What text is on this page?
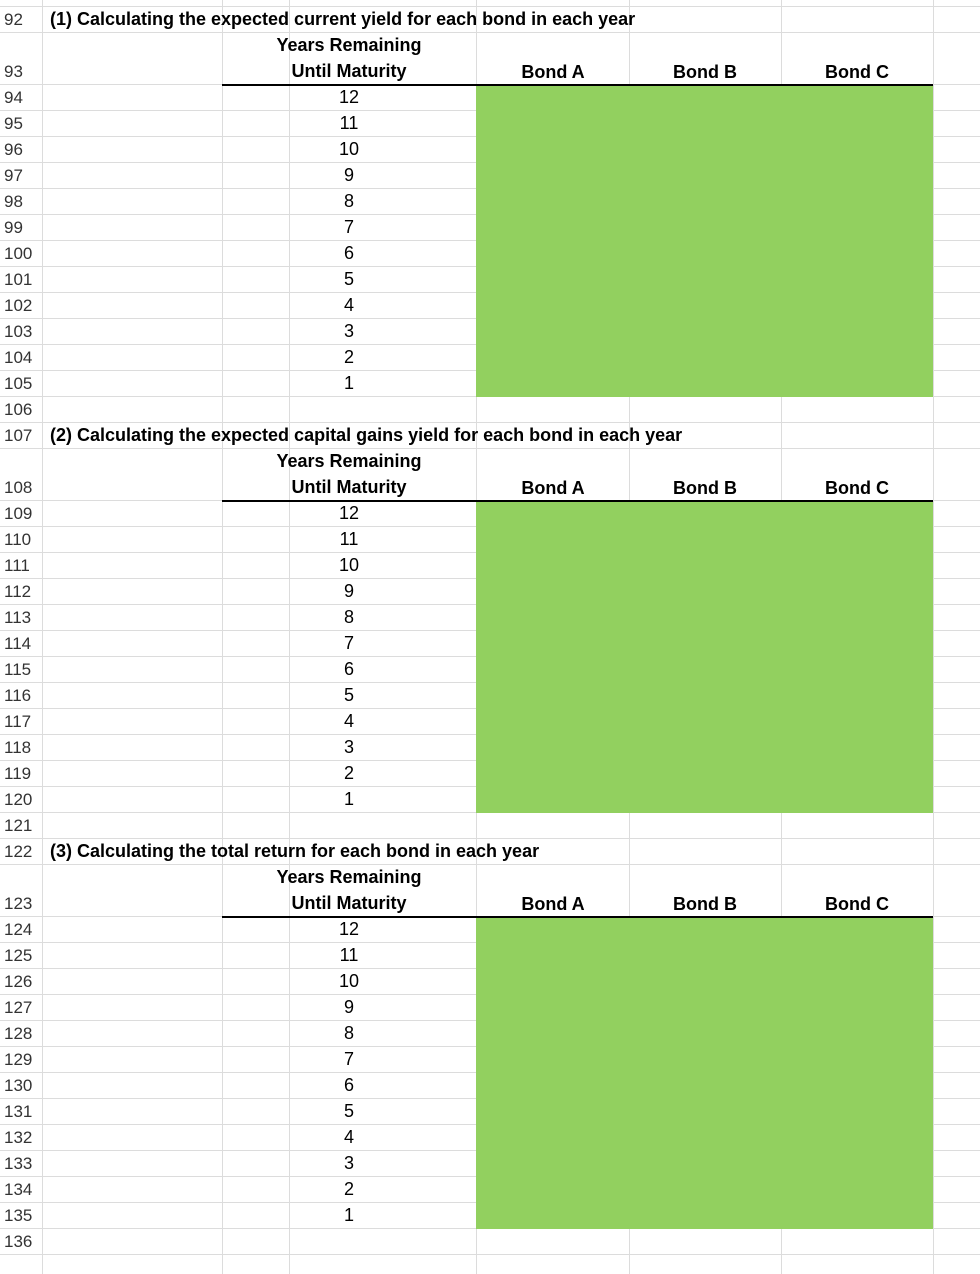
92 (1) Calculating the expected current yield for each bond in each year
93
Years Remaining
Until Maturity	Bond A	Bond B	Bond C
94	12
95	11
96	10
97	9
98	8
99	7
100	6
101	5
102	4
103	3
104	2
105	1
106
107 (2) Calculating the expected capital gains yield for each bond in each year
108
Years Remaining
Until Maturity	Bond A	Bond B	Bond C
109	12
110	11
111	10
112	9
113	8
114	7
115	6
116	5
117	4
118	3
119	2
120	1
121
122 (3) Calculating the total return for each bond in each year
123
Years Remaining
Until Maturity	Bond A	Bond B	Bond C
124	12
125	11
126	10
127	9
128	8
129	7
130	6
131	5
132	4
133	3
134	2
135	1
136
